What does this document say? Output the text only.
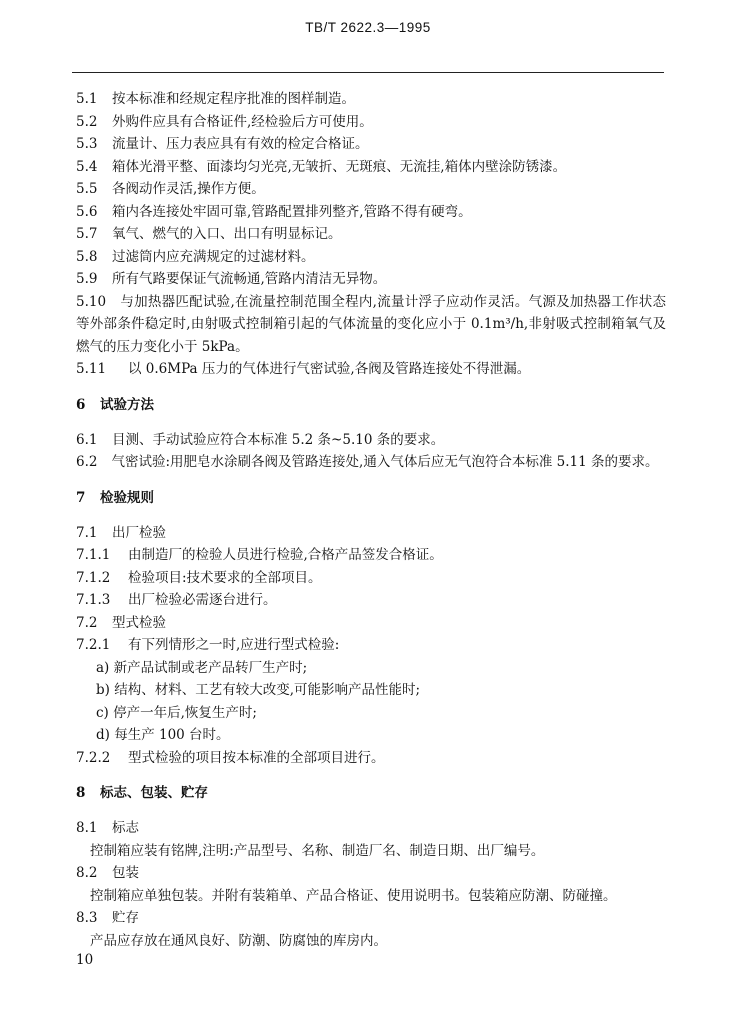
TB/T 2622.3—1995
5.1 按本标准和经规定程序批准的图样制造。
5.2 外购件应具有合格证件,经检验后方可使用。
5.3 流量计、压力表应具有有效的检定合格证。
5.4 箱体光滑平整、面漆均匀光亮,无皱折、无斑痕、无流挂,箱体内壁涂防锈漆。
5.5 各阀动作灵活,操作方便。
5.6 箱内各连接处牢固可靠,管路配置排列整齐,管路不得有硬弯。
5.7 氧气、燃气的入口、出口有明显标记。
5.8 过滤筒内应充满规定的过滤材料。
5.9 所有气路要保证气流畅通,管路内清洁无异物。
5.10 与加热器匹配试验,在流量控制范围全程内,流量计浮子应动作灵活。气源及加热器工作状态等外部条件稳定时,由射吸式控制箱引起的气体流量的变化应小于 0.1m³/h,非射吸式控制箱氧气及燃气的压力变化小于 5kPa。
5.11 以 0.6MPa 压力的气体进行气密试验,各阀及管路连接处不得泄漏。
6 试验方法
6.1 目测、手动试验应符合本标准 5.2 条~5.10 条的要求。
6.2 气密试验:用肥皂水涂刷各阀及管路连接处,通入气体后应无气泡符合本标准 5.11 条的要求。
7 检验规则
7.1 出厂检验
7.1.1 由制造厂的检验人员进行检验,合格产品签发合格证。
7.1.2 检验项目:技术要求的全部项目。
7.1.3 出厂检验必需逐台进行。
7.2 型式检验
7.2.1 有下列情形之一时,应进行型式检验:
a) 新产品试制或老产品转厂生产时;
b) 结构、材料、工艺有较大改变,可能影响产品性能时;
c) 停产一年后,恢复生产时;
d) 每生产 100 台时。
7.2.2 型式检验的项目按本标准的全部项目进行。
8 标志、包装、贮存
8.1 标志
控制箱应装有铭牌,注明:产品型号、名称、制造厂名、制造日期、出厂编号。
8.2 包装
控制箱应单独包装。并附有装箱单、产品合格证、使用说明书。包装箱应防潮、防碰撞。
8.3 贮存
产品应存放在通风良好、防潮、防腐蚀的库房内。
10
